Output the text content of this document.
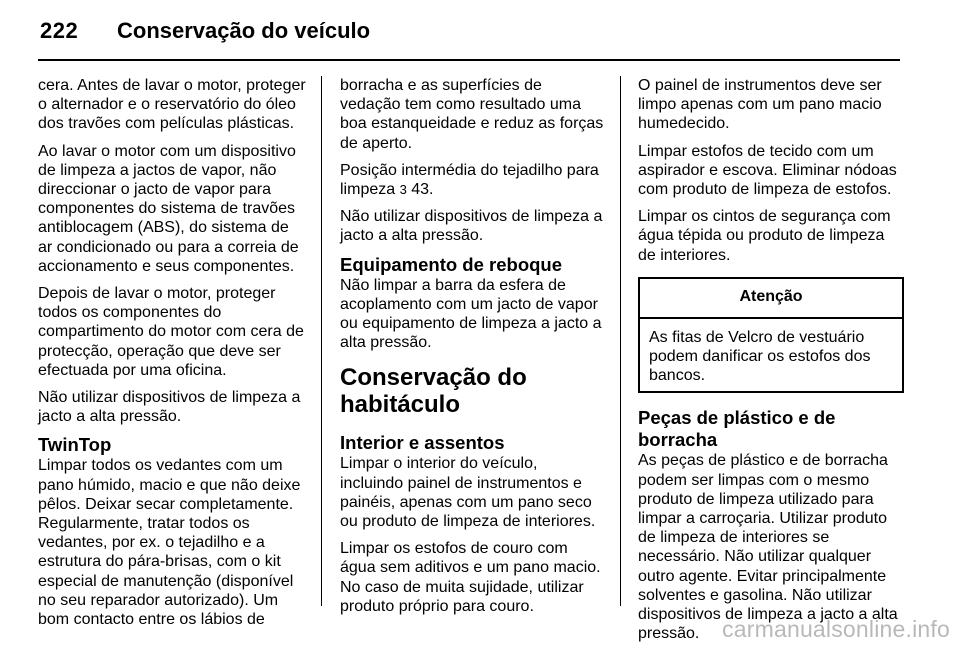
222 Conservação do veículo

cera. Antes de lavar o motor, proteger o alternador e o reservatório do óleo dos travões com películas plásticas.

Ao lavar o motor com um dispositivo de limpeza a jactos de vapor, não direccionar o jacto de vapor para componentes do sistema de travões antiblocagem (ABS), do sistema de ar condicionado ou para a correia de accionamento e seus componentes.

Depois de lavar o motor, proteger todos os componentes do compartimento do motor com cera de protecção, operação que deve ser efectuada por uma oficina.

Não utilizar dispositivos de limpeza a jacto a alta pressão.

TwinTop

Limpar todos os vedantes com um pano húmido, macio e que não deixe pêlos. Deixar secar completamente. Regularmente, tratar todos os vedantes, por ex. o tejadilho e a estrutura do pára-brisas, com o kit especial de manutenção (disponível no seu reparador autorizado). Um bom contacto entre os lábios de

borracha e as superfícies de vedação tem como resultado uma boa estanqueidade e reduz as forças de aperto.

Posição intermédia do tejadilho para limpeza 3 43.

Não utilizar dispositivos de limpeza a jacto a alta pressão.

Equipamento de reboque

Não limpar a barra da esfera de acoplamento com um jacto de vapor ou equipamento de limpeza a jacto a alta pressão.

Conservação do habitáculo
Interior e assentos

Limpar o interior do veículo, incluindo painel de instrumentos e painéis, apenas com um pano seco ou produto de limpeza de interiores.

Limpar os estofos de couro com água sem aditivos e um pano macio. No caso de muita sujidade, utilizar produto próprio para couro.

O painel de instrumentos deve ser limpo apenas com um pano macio humedecido.

Limpar estofos de tecido com um aspirador e escova. Eliminar nódoas com produto de limpeza de estofos.

Limpar os cintos de segurança com água tépida ou produto de limpeza de interiores.

Atenção
As fitas de Velcro de vestuário podem danificar os estofos dos bancos.
Peças de plástico e de borracha

As peças de plástico e de borracha podem ser limpas com o mesmo produto de limpeza utilizado para limpar a carroçaria. Utilizar produto de limpeza de interiores se necessário. Não utilizar qualquer outro agente. Evitar principalmente solventes e gasolina. Não utilizar dispositivos de limpeza a jacto a alta pressão. carmanualsonline.info
